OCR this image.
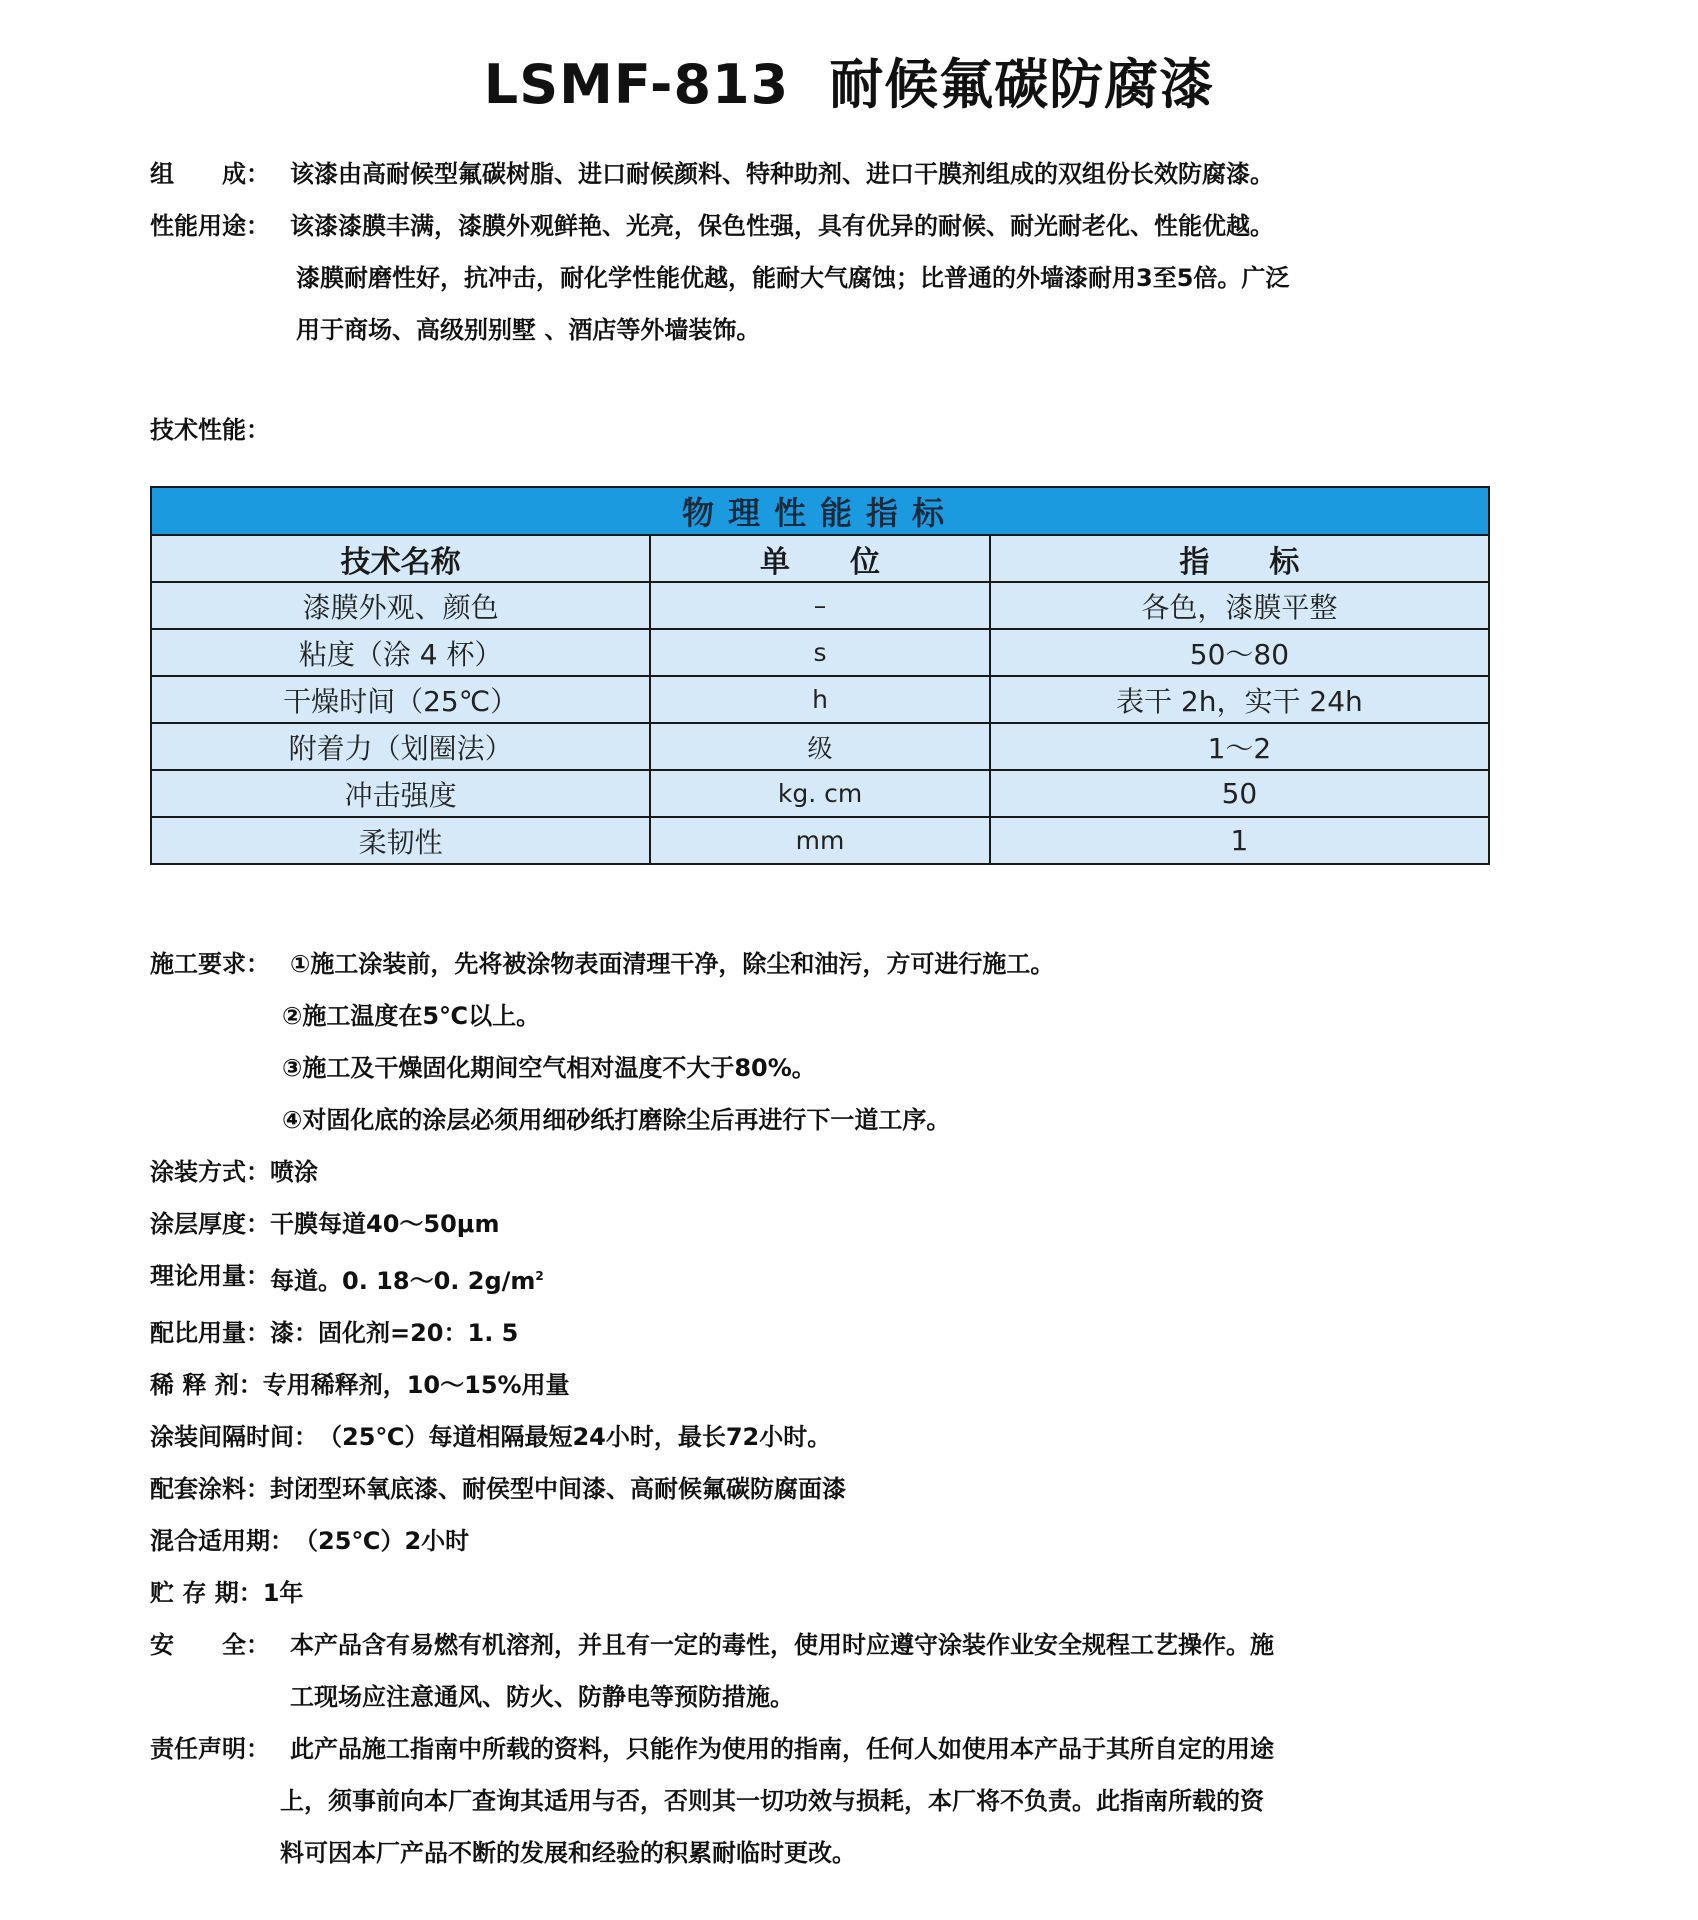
LSMF-813 耐候氟碳防腐漆
组　　成： 该漆由高耐候型氟碳树脂、进口耐候颜料、特种助剂、进口干膜剂组成的双组份长效防腐漆。
性能用途： 该漆漆膜丰满，漆膜外观鲜艳、光亮，保色性强，具有优异的耐候、耐光耐老化、性能优越。
漆膜耐磨性好，抗冲击，耐化学性能优越，能耐大气腐蚀；比普通的外墙漆耐用3至5倍。广泛
用于商场、高级别别墅 、酒店等外墙装饰。
技术性能：
物理性能指标		
技术名称	单　　位	指　　标
漆膜外观、颜色	–	各色，漆膜平整
粘度（涂 4 杯）	s	50～80
干燥时间（25℃）	h	表干 2h，实干 24h
附着力（划圈法）	级	1～2
冲击强度	kg. cm	50
柔韧性	mm	1
施工要求： ①施工涂装前，先将被涂物表面清理干净，除尘和油污，方可进行施工。
②施工温度在5℃以上。
③施工及干燥固化期间空气相对温度不大于80%。
④对固化底的涂层必须用细砂纸打磨除尘后再进行下一道工序。
涂装方式： 喷涂
涂层厚度： 干膜每道40～50μm
理论用量： 每道。0. 18～0. $2g/m^2$
配比用量： 漆：固化剂=20：1. 5
稀 释 剂： 专用稀释剂，10～15%用量
涂装间隔时间： （25℃）每道相隔最短24小时，最长72小时。
配套涂料： 封闭型环氧底漆、耐侯型中间漆、高耐候氟碳防腐面漆
混合适用期： （25℃）2小时
贮 存 期： 1年
安　　全： 本产品含有易燃有机溶剂，并且有一定的毒性，使用时应遵守涂装作业安全规程工艺操作。施
工现场应注意通风、防火、防静电等预防措施。
责任声明： 此产品施工指南中所载的资料，只能作为使用的指南，任何人如使用本产品于其所自定的用途
上，须事前向本厂查询其适用与否，否则其一切功效与损耗，本厂将不负责。此指南所载的资
料可因本厂产品不断的发展和经验的积累耐临时更改。
